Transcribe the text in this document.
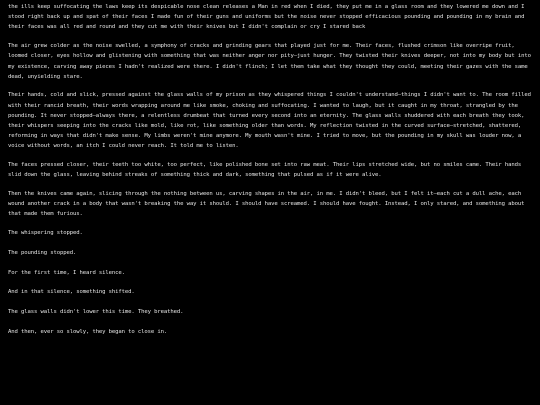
the ills keep suffocating the laws keep its despicable nose clean releases a Man in red when I died, they put me in a glass room and they lowered me down and I stood right back up and spat of their faces I made fun of their guns and uniforms but the noise never stopped efficacious pounding and pounding in my brain and their faces was all red and round and they cut me with their knives but I didn't complain or cry I stared back

The air grew colder as the noise swelled, a symphony of cracks and grinding gears that played just for me. Their faces, flushed crimson like overripe fruit, loomed closer, eyes hollow and glistening with something that was neither anger nor pity—just hunger. They twisted their knives deeper, not into my body but into my existence, carving away pieces I hadn't realized were there. I didn't flinch; I let them take what they thought they could, meeting their gazes with the same dead, unyielding stare.

Their hands, cold and slick, pressed against the glass walls of my prison as they whispered things I couldn't understand—things I didn't want to. The room filled with their rancid breath, their words wrapping around me like smoke, choking and suffocating. I wanted to laugh, but it caught in my throat, strangled by the pounding. It never stopped—always there, a relentless drumbeat that turned every second into an eternity. The glass walls shuddered with each breath they took, their whispers seeping into the cracks like mold, like rot, like something older than words. My reflection twisted in the curved surface—stretched, shattered, reforming in ways that didn't make sense. My limbs weren't mine anymore. My mouth wasn't mine. I tried to move, but the pounding in my skull was louder now, a voice without words, an itch I could never reach. It told me to listen.

The faces pressed closer, their teeth too white, too perfect, like polished bone set into raw meat. Their lips stretched wide, but no smiles came. Their hands slid down the glass, leaving behind streaks of something thick and dark, something that pulsed as if it were alive.

Then the knives came again, slicing through the nothing between us, carving shapes in the air, in me. I didn't bleed, but I felt it—each cut a dull ache, each wound another crack in a body that wasn't breaking the way it should. I should have screamed. I should have fought. Instead, I only stared, and something about that made them furious.

The whispering stopped.

The pounding stopped.

For the first time, I heard silence.

And in that silence, something shifted.

The glass walls didn't lower this time. They breathed.

And then, ever so slowly, they began to close in.
